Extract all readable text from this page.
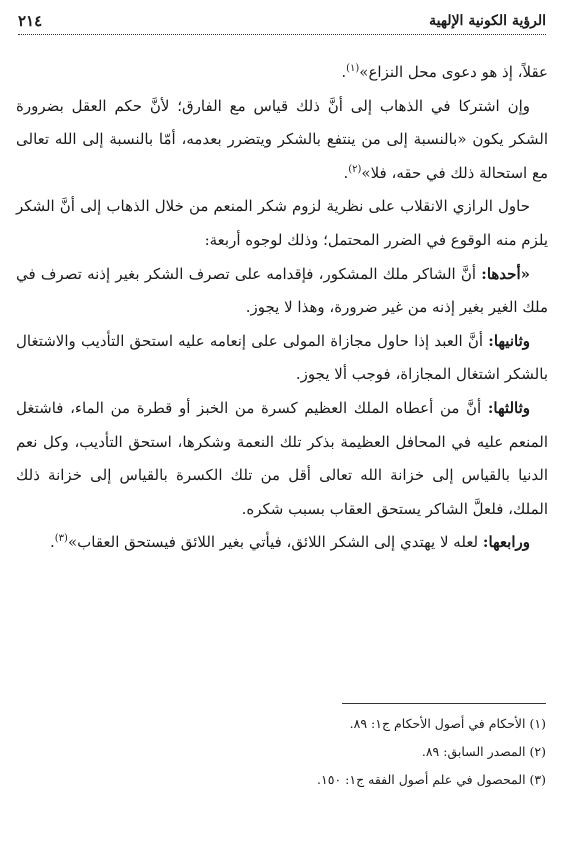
الرؤية الكونية الإلهية
٢١٤

عقلاً، إذ هو دعوى محل النزاع»$^{(١)}$.

وإن اشتركا في الذهاب إلى أنَّ ذلك قياس مع الفارق؛ لأنَّ حكم العقل بضرورة الشكر يكون «بالنسبة إلى من ينتفع بالشكر ويتضرر بعدمه، أمّا بالنسبة إلى الله تعالى مع استحالة ذلك في حقه، فلا»$^{(٢)}$.

حاول الرازي الانقلاب على نظرية لزوم شكر المنعم من خلال الذهاب إلى أنَّ الشكر يلزم منه الوقوع في الضرر المحتمل؛ وذلك لوجوه أربعة:

«أحدها: أنَّ الشاكر ملك المشكور، فإقدامه على تصرف الشكر بغير إذنه تصرف في ملك الغير بغير إذنه من غير ضرورة، وهذا لا يجوز.

وثانيها: أنَّ العبد إذا حاول مجازاة المولى على إنعامه عليه استحق التأديب والاشتغال بالشكر اشتغال المجازاة، فوجب ألا يجوز.

وثالثها: أنَّ من أعطاه الملك العظيم كسرة من الخبز أو قطرة من الماء، فاشتغل المنعم عليه في المحافل العظيمة بذكر تلك النعمة وشكرها، استحق التأديب، وكل نعم الدنيا بالقياس إلى خزانة الله تعالى أقل من تلك الكسرة بالقياس إلى خزانة ذلك الملك، فلعلَّ الشاكر يستحق العقاب بسبب شكره.

ورابعها: لعله لا يهتدي إلى الشكر اللائق، فيأتي بغير اللائق فيستحق العقاب»$^{(٣)}$.

(١) الأحكام في أصول الأحكام ج١: ٨٩.
(٢) المصدر السابق: ٨٩.
(٣) المحصول في علم أصول الفقه ج١: ١٥٠.
